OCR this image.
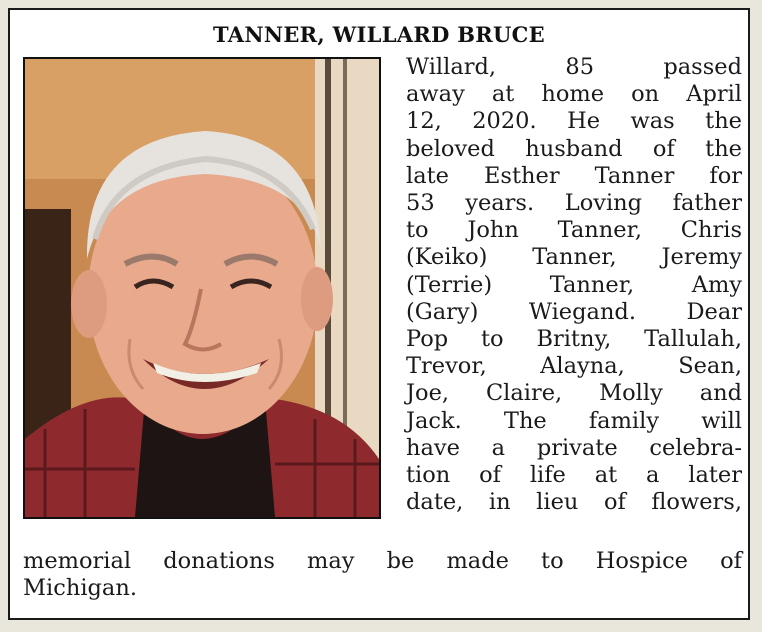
TANNER, WILLARD BRUCE
Willard, 85 passed
away at home on April
12, 2020. He was the
beloved husband of the
late Esther Tanner for
53 years. Loving father
to John Tanner, Chris
(Keiko) Tanner, Jeremy
(Terrie) Tanner, Amy
(Gary) Wiegand. Dear
Pop to Britny, Tallulah,
Trevor, Alayna, Sean,
Joe, Claire, Molly and
Jack. The family will
have a private celebra-
tion of life at a later
date, in lieu of flowers,
memorial donations may be made to Hospice of
Michigan.
